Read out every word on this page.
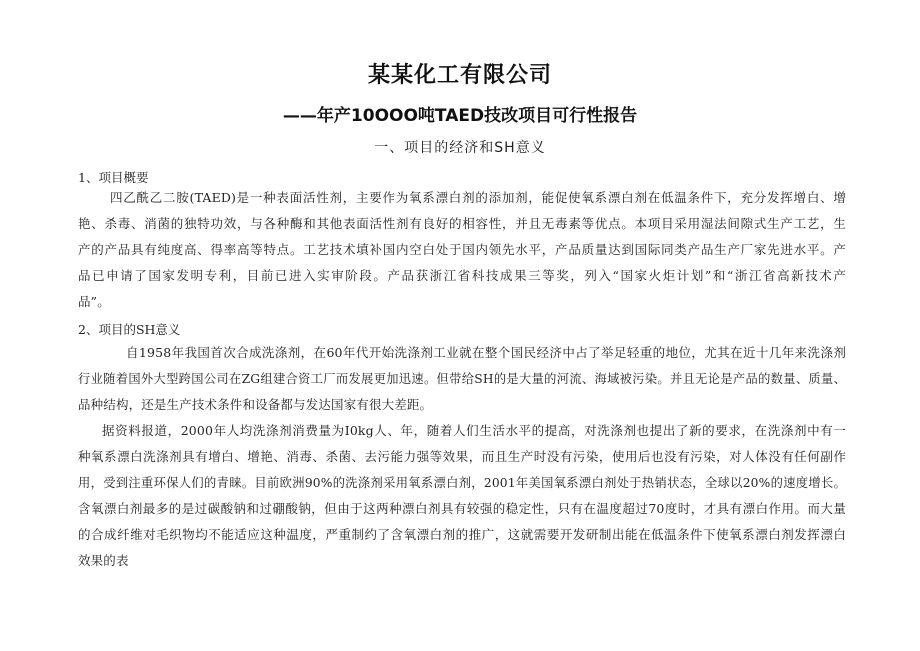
某某化工有限公司
——年产10OOO吨TAED技改项目可行性报告
一、项目的经济和SH意义
1、项目概要
四乙酰乙二胺(TAED)是一种表面活性剂，主要作为氧系漂白剂的添加剂，能促使氧系漂白剂在低温条件下，充分发挥增白、增
艳、杀毒、消菌的独特功效，与各种酶和其他表面活性剂有良好的相容性，并且无毒素等优点。本项目采用湿法间隙式生产工艺，生
产的产品具有纯度高、得率高等特点。工艺技术填补国内空白处于国内领先水平，产品质量达到国际同类产品生产厂家先进水平。产
品已申请了国家发明专利，目前已进入实审阶段。产品获浙江省科技成果三等奖，列入“国家火炬计划”和“浙江省高新技术产
品”。
2、项目的SH意义
自1958年我国首次合成洗涤剂，在60年代开始洗涤剂工业就在整个国民经济中占了举足轻重的地位，尤其在近十几年来洗涤剂
行业随着国外大型跨国公司在ZG组建合资工厂而发展更加迅速。但带给SH的是大量的河流、海域被污染。并且无论是产品的数量、质量、
品种结构，还是生产技术条件和设备都与发达国家有很大差距。
据资料报道，2000年人均洗涤剂消费量为I0kg人、年，随着人们生活水平的提高，对洗涤剂也提出了新的要求，在洗涤剂中有一
种氧系漂白洗涤剂具有增白、增艳、消毒、杀菌、去污能力强等效果，而且生产时没有污染，使用后也没有污染，对人体没有任何副作
用，受到注重环保人们的青睐。目前欧洲90%的洗涤剂采用氧系漂白剂，2001年美国氧系漂白剂处于热销状态，全球以20%的速度增长。
含氧漂白剂最多的是过碳酸钠和过硼酸钠，但由于这两种漂白剂具有较强的稳定性，只有在温度超过70度时，才具有漂白作用。而大量
的合成纤维对毛织物均不能适应这种温度，严重制约了含氧漂白剂的推广，这就需要开发研制出能在低温条件下使氧系漂白剂发挥漂白
效果的表
